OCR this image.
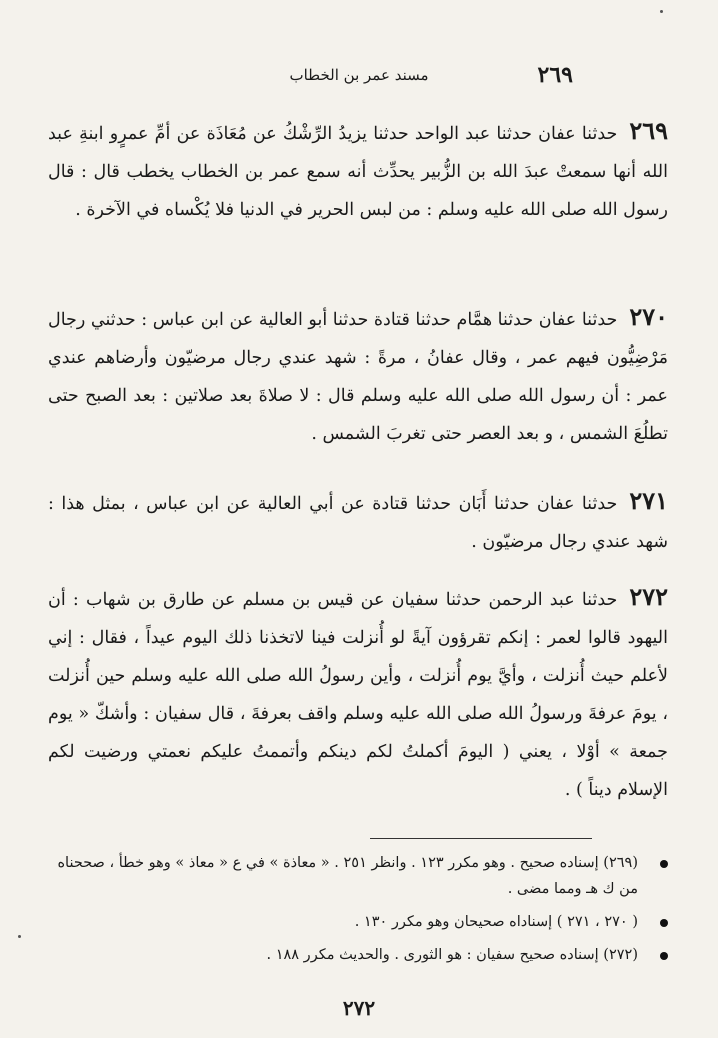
٢٦٩
مسند عمر بن الخطاب
٢٦٩حدثنا عفان حدثنا عبد الواحد حدثنا يزيدُ الرِّشْكُ عن مُعَاذَة عن أمِّ عمرٍو ابنةِ عبد الله أنها سمعتْ عبدَ الله بن الزُّبير يحدِّث أنه سمع عمر بن الخطاب يخطب قال : قال رسول الله صلى الله عليه وسلم : من لبس الحرير في الدنيا فلا يُكْساه في الآخرة .
٢٧٠حدثنا عفان حدثنا همَّام حدثنا قتادة حدثنا أبو العالية عن ابن عباس : حدثني رجال مَرْضِيُّون فيهم عمر ، وقال عفانُ ، مرةً : شهد عندي رجال مرضيّون وأرضاهم عندي عمر : أن رسول الله صلى الله عليه وسلم قال : لا صلاةَ بعد صلاتين : بعد الصبح حتى تطلُعَ الشمس ، و بعد العصر حتى تغربَ الشمس .
٢٧١حدثنا عفان حدثنا أَبَان حدثنا قتادة عن أبي العالية عن ابن عباس ، بمثل هذا : شهد عندي رجال مرضيّون .
٢٧٢حدثنا عبد الرحمن حدثنا سفيان عن قيس بن مسلم عن طارق بن شهاب : أن اليهود قالوا لعمر : إنكم تقرؤون آيةً لو أُنزلت فينا لاتخذنا ذلك اليوم عيداً ، فقال : إني لأعلم حيث أُنزلت ، وأيَّ يوم أُنزلت ، وأين رسولُ الله صلى الله عليه وسلم حين أُنزلت ، يومَ عرفةَ ورسولُ الله صلى الله عليه وسلم واقف بعرفةَ ، قال سفيان : وأشكّ « يوم جمعة » أوْلا ، يعني ( اليومَ أكملتُ لكم دينكم وأتممتُ عليكم نعمتي ورضيت لكم الإسلام ديناً ) .
(٢٦٩) إسناده صحيح . وهو مكرر ١٢٣ . وانظر ٢٥١ . « معاذة » في ع « معاذ » وهو خطأ ، صححناه من ك هـ ومما مضى .
( ٢٧٠ ، ٢٧١ ) إسناداه صحيحان وهو مكرر ١٣٠ .
(٢٧٢) إسناده صحيح سفيان : هو الثورى . والحديث مكرر ١٨٨ .
٢٧٢
